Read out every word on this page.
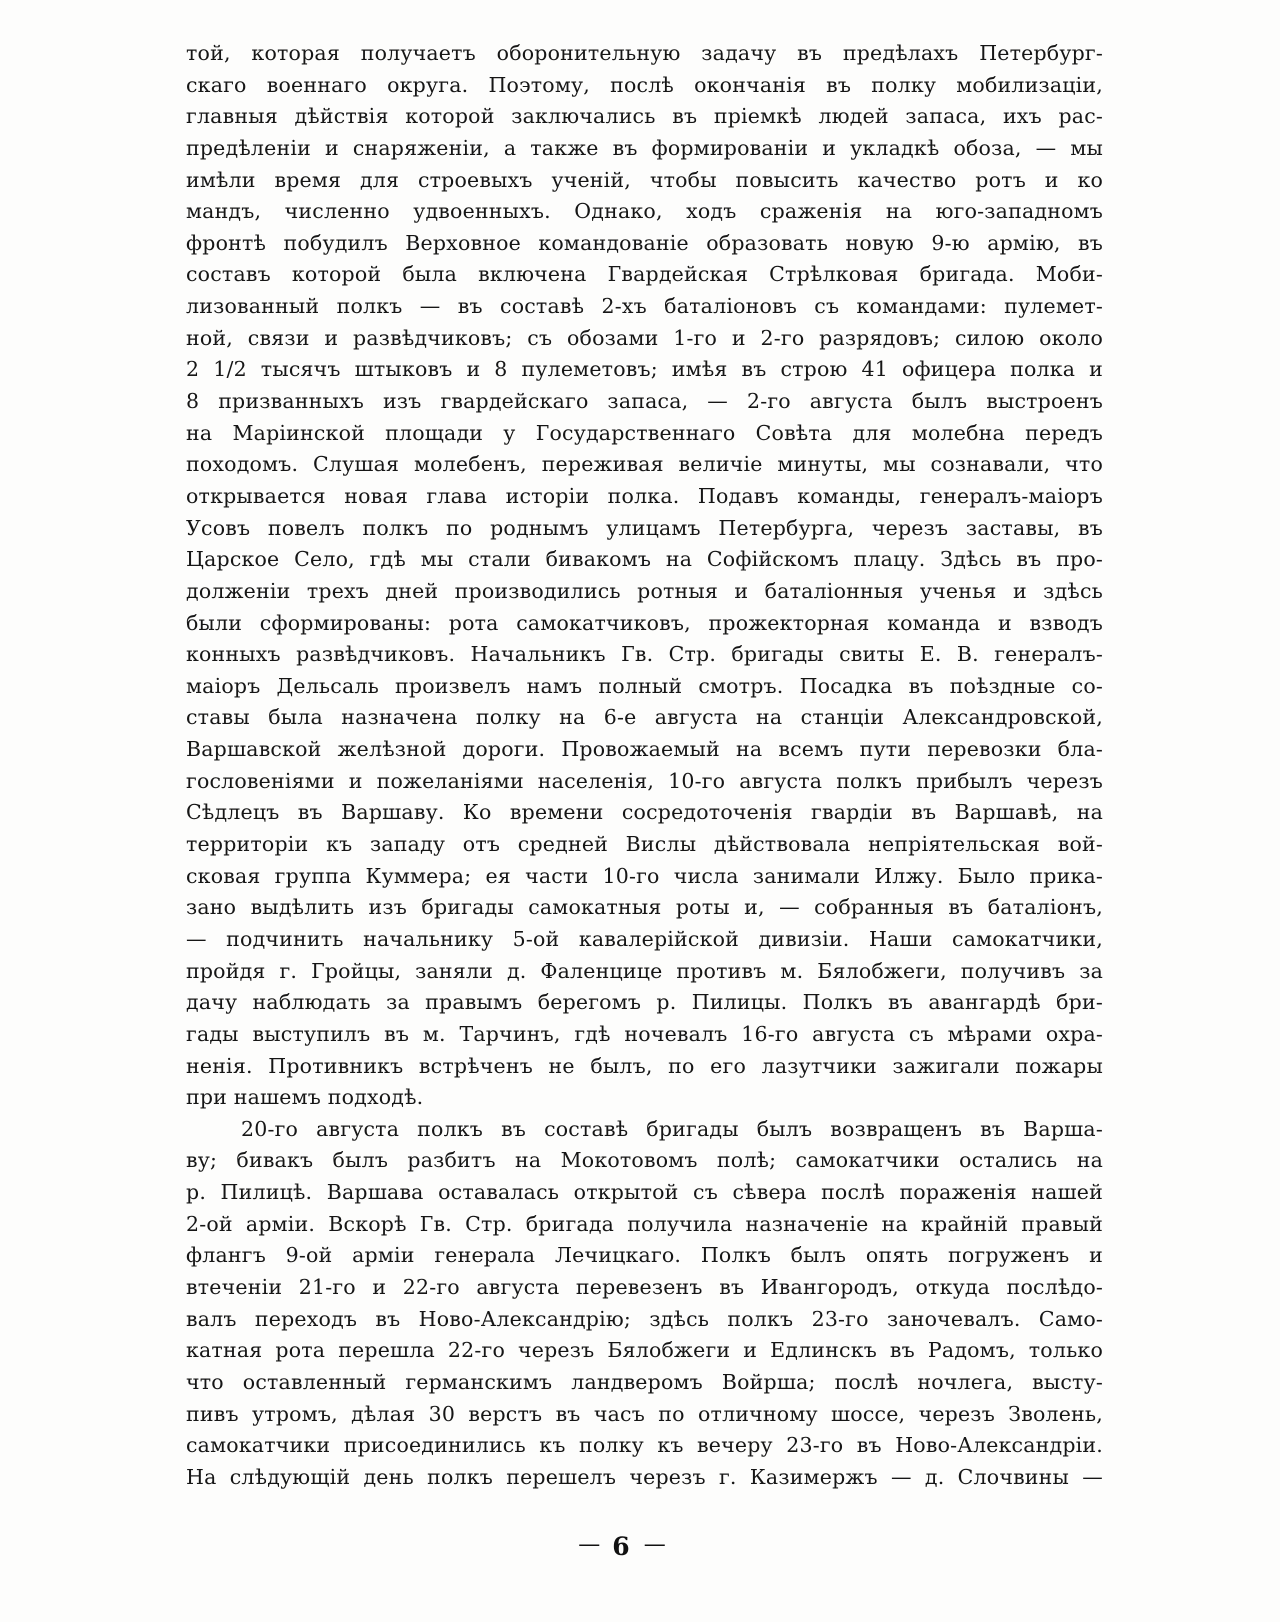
той, которая получаетъ оборонительную задачу въ предѣлахъ Петербург-
скаго военнаго округа. Поэтому, послѣ окончанія въ полку мобилизаціи,
главныя дѣйствія которой заключались въ пріемкѣ людей запаса, ихъ рас-
предѣленіи и снаряженіи, а также въ формированіи и укладкѣ обоза, — мы
имѣли время для строевыхъ ученій, чтобы повысить качество ротъ и ко
мандъ, численно удвоенныхъ. Однако, ходъ сраженія на юго-западномъ
фронтѣ побудилъ Верховное командованіе образовать новую 9-ю армію, въ
составъ которой была включена Гвардейская Стрѣлковая бригада. Моби-
лизованный полкъ — въ составѣ 2-хъ баталіоновъ съ командами: пулемет-
ной, связи и развѣдчиковъ; съ обозами 1-го и 2-го разрядовъ; силою около
2 1/2 тысячъ штыковъ и 8 пулеметовъ; имѣя въ строю 41 офицера полка и
8 призванныхъ изъ гвардейскаго запаса, — 2-го августа былъ выстроенъ
на Маріинской площади у Государственнаго Совѣта для молебна передъ
походомъ. Слушая молебенъ, переживая величіе минуты, мы сознавали, что
открывается новая глава исторіи полка. Подавъ команды, генералъ-маіоръ
Усовъ повелъ полкъ по роднымъ улицамъ Петербурга, черезъ заставы, въ
Царское Село, гдѣ мы стали бивакомъ на Софійскомъ плацу. Здѣсь въ про-
долженіи трехъ дней производились ротныя и баталіонныя ученья и здѣсь
были сформированы: рота самокатчиковъ, прожекторная команда и взводъ
конныхъ развѣдчиковъ. Начальникъ Гв. Стр. бригады свиты Е. В. генералъ-
маіоръ Дельсаль произвелъ намъ полный смотръ. Посадка въ поѣздные со-
ставы была назначена полку на 6-е августа на станціи Александровской,
Варшавской желѣзной дороги. Провожаемый на всемъ пути перевозки бла-
гословеніями и пожеланіями населенія, 10-го августа полкъ прибылъ черезъ
Сѣдлецъ въ Варшаву. Ко времени сосредоточенія гвардіи въ Варшавѣ, на
территоріи къ западу отъ средней Вислы дѣйствовала непріятельская вой-
сковая группа Куммера; ея части 10-го числа занимали Илжу. Было прика-
зано выдѣлить изъ бригады самокатныя роты и, — собранныя въ баталіонъ,
— подчинить начальнику 5-ой кавалерійской дивизіи. Наши самокатчики,
пройдя г. Гройцы, заняли д. Фаленцице противъ м. Бялобжеги, получивъ за
дачу наблюдать за правымъ берегомъ р. Пилицы. Полкъ въ авангардѣ бри-
гады выступилъ въ м. Тарчинъ, гдѣ ночевалъ 16-го августа съ мѣрами охра-
ненія. Противникъ встрѣченъ не былъ, по его лазутчики зажигали пожары
при нашемъ подходѣ.
20-го августа полкъ въ составѣ бригады былъ возвращенъ въ Варша-
ву; бивакъ былъ разбитъ на Мокотовомъ полѣ; самокатчики остались на
р. Пилицѣ. Варшава оставалась открытой съ сѣвера послѣ пораженія нашей
2-ой арміи. Вскорѣ Гв. Стр. бригада получила назначеніе на крайній правый
флангъ 9-ой арміи генерала Лечицкаго. Полкъ былъ опять погруженъ и
втеченіи 21-го и 22-го августа перевезенъ въ Ивангородъ, откуда послѣдо-
валъ переходъ въ Ново-Александрію; здѣсь полкъ 23-го заночевалъ. Само-
катная рота перешла 22-го черезъ Бялобжеги и Едлинскъ въ Радомъ, только
что оставленный германскимъ ландверомъ Войрша; послѣ ночлега, высту-
пивъ утромъ, дѣлая 30 верстъ въ часъ по отличному шоссе, черезъ Зволень,
самокатчики присоединились къ полку къ вечеру 23-го въ Ново-Александріи.
На слѣдующій день полкъ перешелъ черезъ г. Казимержъ — д. Слочвины —
— 6 —
